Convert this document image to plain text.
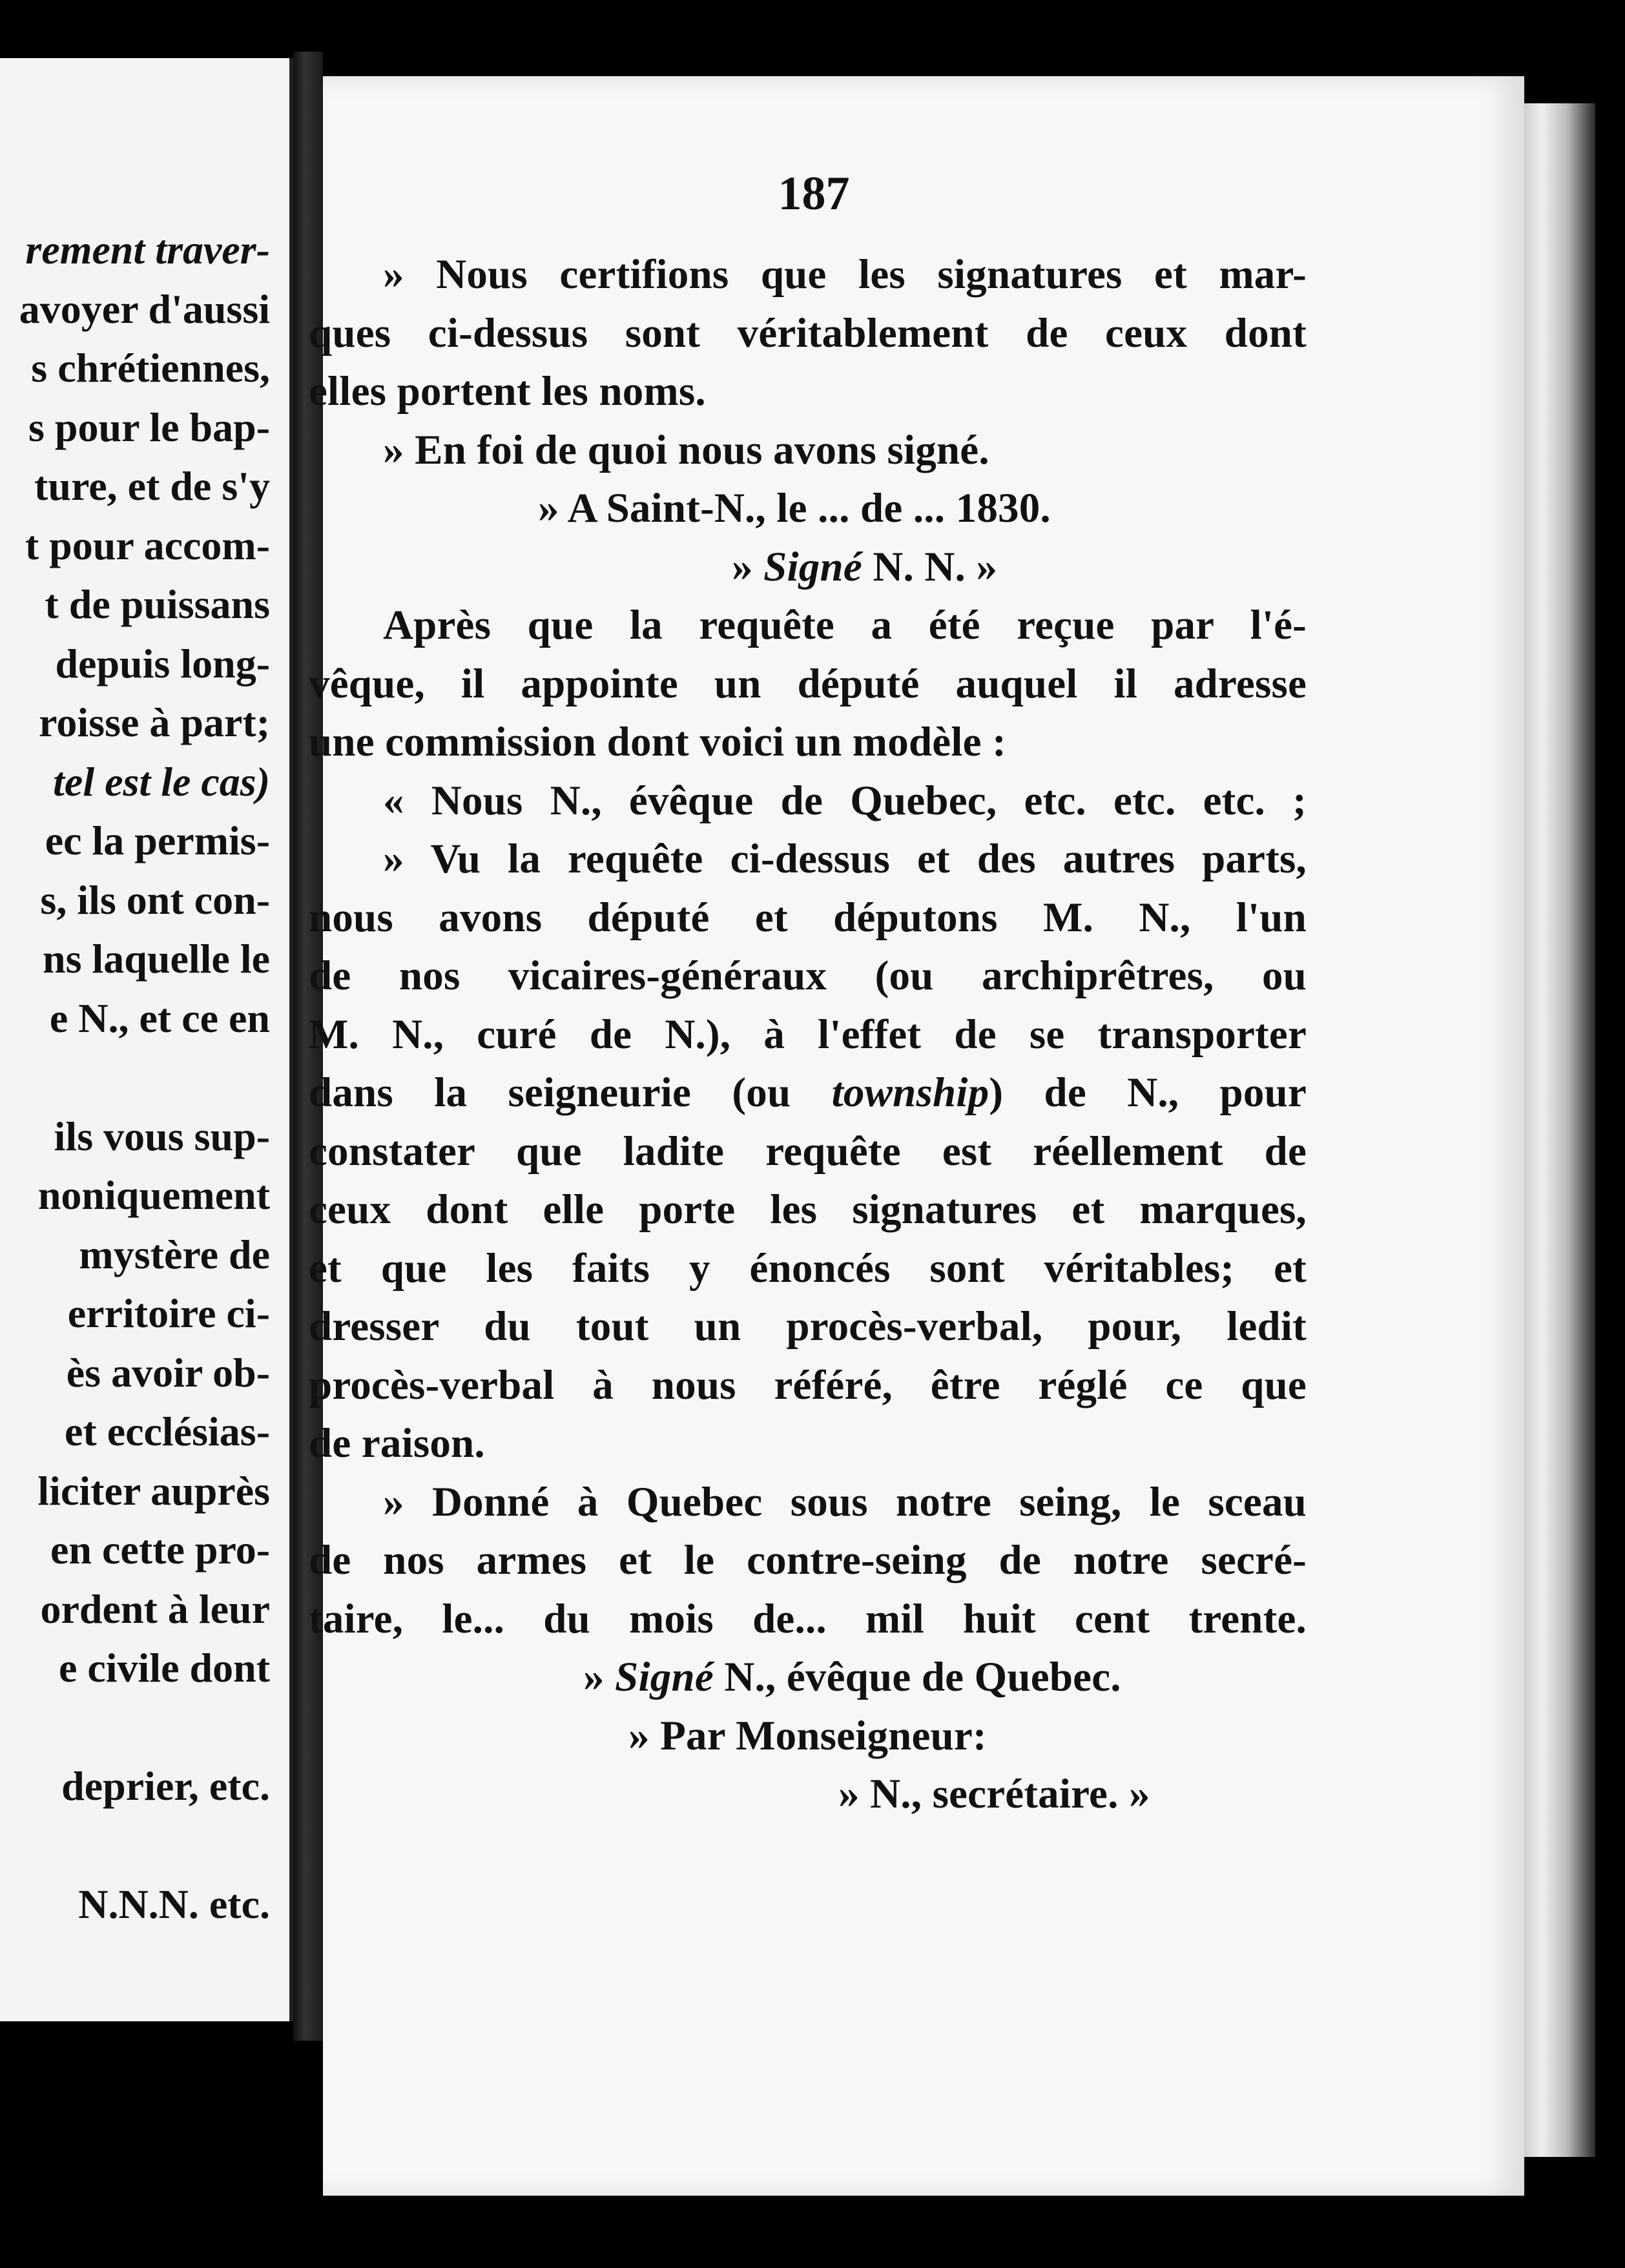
rement traver-
avoyer d'aussi
s chrétiennes,
s pour le bap-
ture, et de s'y
t pour accom-
t de puissans
depuis long-
roisse à part;
tel est le cas)
ec la permis-
s, ils ont con-
ns laquelle le
e N., et ce en
ils vous sup-
noniquement
mystère de
erritoire ci-
ès avoir ob-
et ecclésias-
liciter auprès
en cette pro-
ordent à leur
e civile dont
deprier, etc.
N.N.N. etc.
187
» Nous certifions que les signatures et mar-
ques ci-dessus sont véritablement de ceux dont
elles portent les noms.
» En foi de quoi nous avons signé.
» A Saint-N., le ... de ... 1830.
» Signé N. N. »
Après que la requête a été reçue par l'é-
vêque, il appointe un député auquel il adresse
une commission dont voici un modèle :
« Nous N., évêque de Quebec, etc. etc. etc. ;
» Vu la requête ci-dessus et des autres parts,
nous avons député et députons M. N., l'un
de nos vicaires-généraux (ou archiprêtres, ou
M. N., curé de N.), à l'effet de se transporter
dans la seigneurie (ou township) de N., pour
constater que ladite requête est réellement de
ceux dont elle porte les signatures et marques,
et que les faits y énoncés sont véritables; et
dresser du tout un procès-verbal, pour, ledit
procès-verbal à nous référé, être réglé ce que
de raison.
» Donné à Quebec sous notre seing, le sceau
de nos armes et le contre-seing de notre secré-
taire, le... du mois de... mil huit cent trente.
» Signé N., évêque de Quebec.
» Par Monseigneur:
» N., secrétaire. »
